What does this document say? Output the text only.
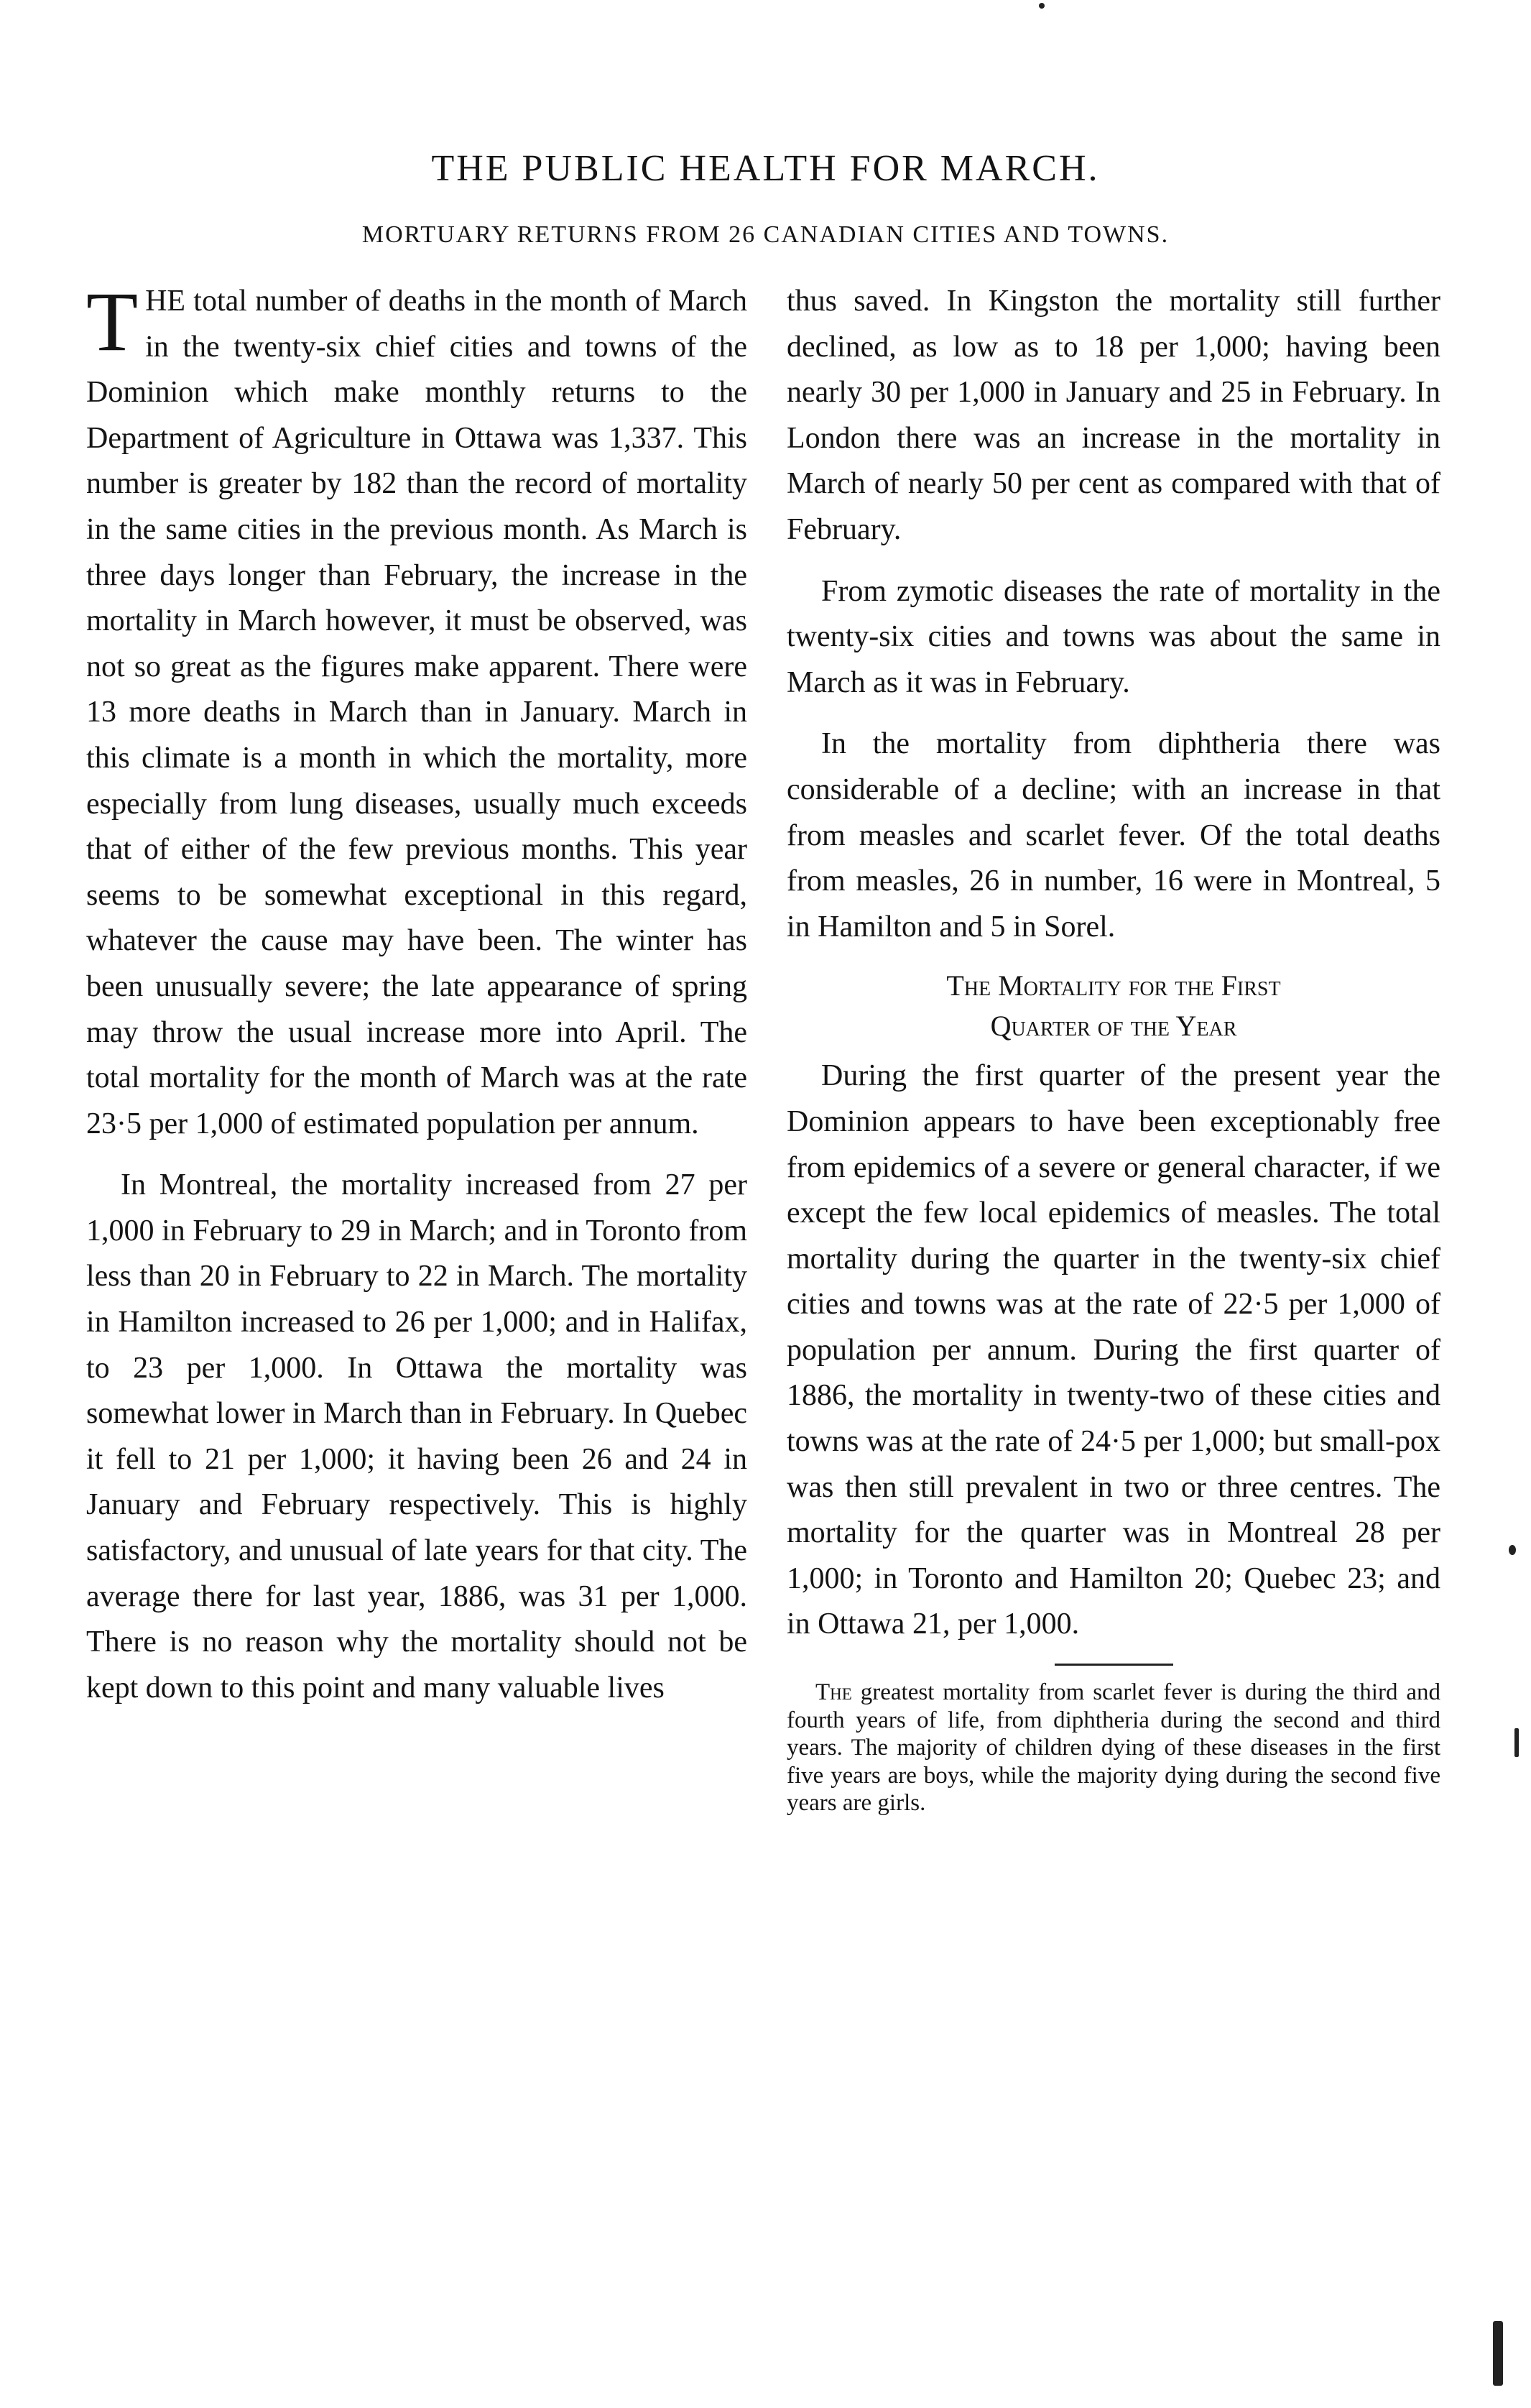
THE PUBLIC HEALTH FOR MARCH.
MORTUARY RETURNS FROM 26 CANADIAN CITIES AND TOWNS.

THE total number of deaths in the month of March in the twenty-six chief cities and towns of the Dominion which make monthly returns to the Department of Agriculture in Ottawa was 1,337. This number is greater by 182 than the record of mortality in the same cities in the previous month. As March is three days longer than February, the increase in the mortality in March however, it must be observed, was not so great as the figures make apparent. There were 13 more deaths in March than in January. March in this climate is a month in which the mortality, more especially from lung diseases, usually much exceeds that of either of the few previous months. This year seems to be somewhat exceptional in this regard, whatever the cause may have been. The winter has been unusually severe; the late appearance of spring may throw the usual increase more into April. The total mortality for the month of March was at the rate 23·5 per 1,000 of estimated population per annum.

In Montreal, the mortality increased from 27 per 1,000 in February to 29 in March; and in Toronto from less than 20 in February to 22 in March. The mortality in Hamilton increased to 26 per 1,000; and in Halifax, to 23 per 1,000. In Ottawa the mortality was somewhat lower in March than in February. In Quebec it fell to 21 per 1,000; it having been 26 and 24 in January and February respectively. This is highly satisfactory, and unusual of late years for that city. The average there for last year, 1886, was 31 per 1,000. There is no reason why the mortality should not be kept down to this point and many valuable lives

thus saved. In Kingston the mortality still further declined, as low as to 18 per 1,000; having been nearly 30 per 1,000 in January and 25 in February. In London there was an increase in the mortality in March of nearly 50 per cent as compared with that of February.

From zymotic diseases the rate of mortality in the twenty-six cities and towns was about the same in March as it was in February.

In the mortality from diphtheria there was considerable of a decline; with an increase in that from measles and scarlet fever. Of the total deaths from measles, 26 in number, 16 were in Montreal, 5 in Hamilton and 5 in Sorel.

The Mortality for the First
Quarter of the Year

During the first quarter of the present year the Dominion appears to have been exceptionably free from epidemics of a severe or general character, if we except the few local epidemics of measles. The total mortality during the quarter in the twenty-six chief cities and towns was at the rate of 22·5 per 1,000 of population per annum. During the first quarter of 1886, the mortality in twenty-two of these cities and towns was at the rate of 24·5 per 1,000; but small-pox was then still prevalent in two or three centres. The mortality for the quarter was in Montreal 28 per 1,000; in Toronto and Hamilton 20; Quebec 23; and in Ottawa 21, per 1,000.

The greatest mortality from scarlet fever is during the third and fourth years of life, from diphtheria during the second and third years. The majority of children dying of these diseases in the first five years are boys, while the majority dying during the second five years are girls.
